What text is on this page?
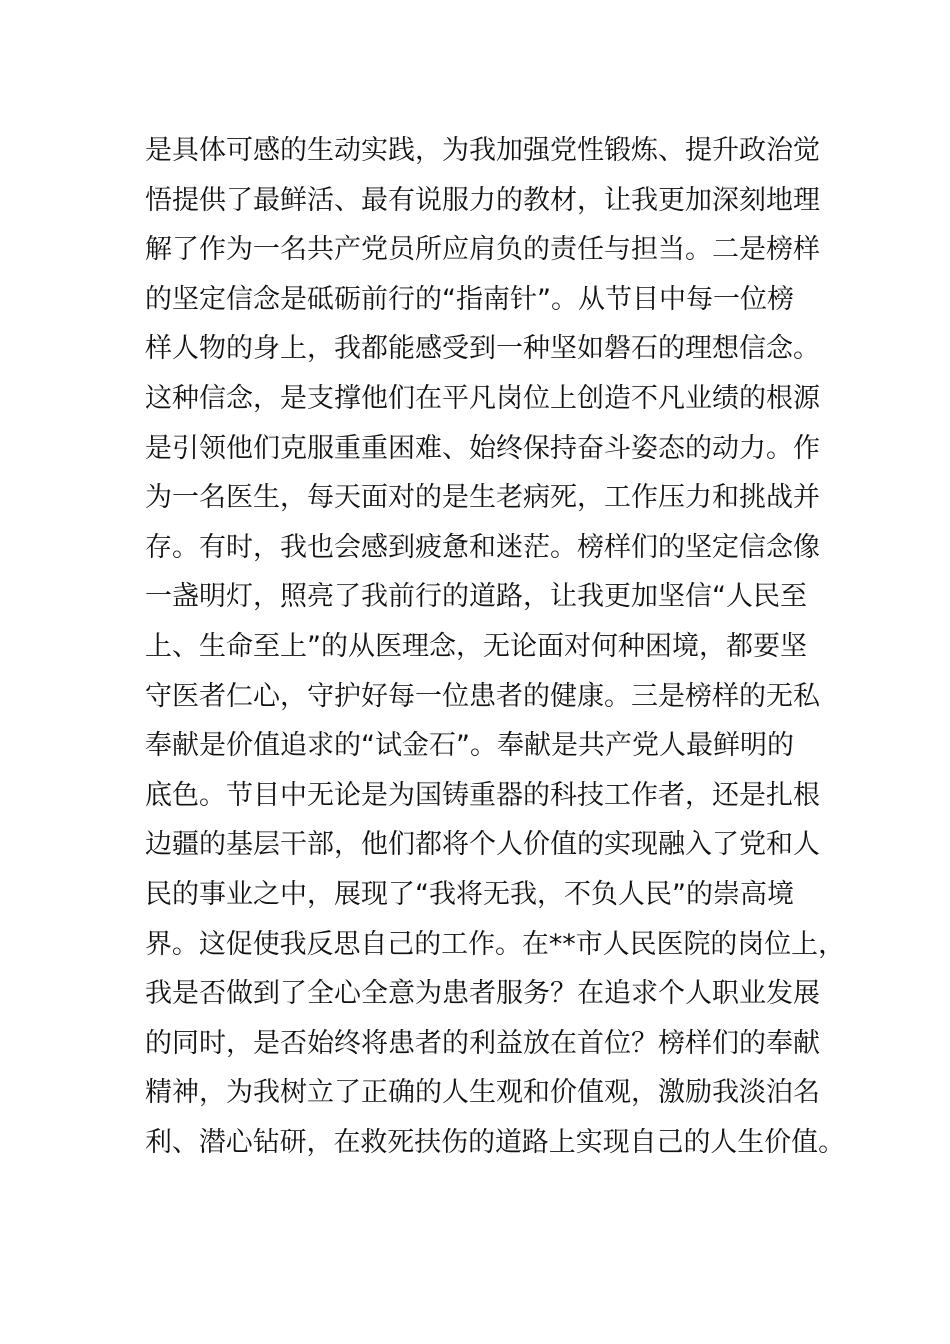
是具体可感的生动实践，为我加强党性锻炼、提升政治觉
悟提供了最鲜活、最有说服力的教材，让我更加深刻地理
解了作为一名共产党员所应肩负的责任与担当。二是榜样
的坚定信念是砥砺前行的“指南针”。从节目中每一位榜
样人物的身上，我都能感受到一种坚如磐石的理想信念。
这种信念，是支撑他们在平凡岗位上创造不凡业绩的根源
是引领他们克服重重困难、始终保持奋斗姿态的动力。作
为一名医生，每天面对的是生老病死，工作压力和挑战并
存。有时，我也会感到疲惫和迷茫。榜样们的坚定信念像
一盏明灯，照亮了我前行的道路，让我更加坚信“人民至
上、生命至上”的从医理念，无论面对何种困境，都要坚
守医者仁心，守护好每一位患者的健康。三是榜样的无私
奉献是价值追求的“试金石”。奉献是共产党人最鲜明的
底色。节目中无论是为国铸重器的科技工作者，还是扎根
边疆的基层干部，他们都将个人价值的实现融入了党和人
民的事业之中，展现了“我将无我，不负人民”的崇高境
界。这促使我反思自己的工作。在**市人民医院的岗位上，
我是否做到了全心全意为患者服务？在追求个人职业发展
的同时，是否始终将患者的利益放在首位？榜样们的奉献
精神，为我树立了正确的人生观和价值观，激励我淡泊名
利、潜心钻研，在救死扶伤的道路上实现自己的人生价值。
